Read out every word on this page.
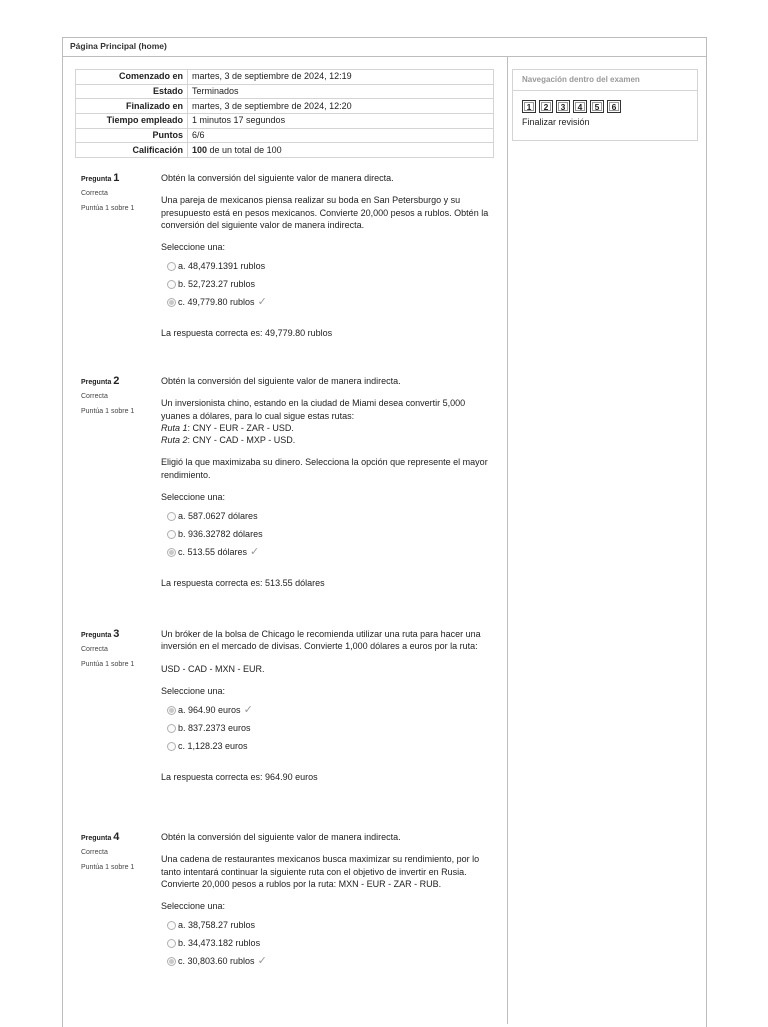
Página Principal (home)
Comenzado en	martes, 3 de septiembre de 2024, 12:19
Estado	Terminados
Finalizado en	martes, 3 de septiembre de 2024, 12:20
Tiempo empleado	1 minutos 17 segundos
Puntos	6/6
Calificación	100 de un total de 100
Navegación dentro del examen
1	2	3	4	5	6
Finalizar revisión
Pregunta 1
Correcta
Puntúa 1 sobre 1

Obtén la conversión del siguiente valor de manera directa.

Una pareja de mexicanos piensa realizar su boda en San Petersburgo y su presupuesto está en pesos mexicanos. Convierte 20,000 pesos a rublos. Obtén la conversión del siguiente valor de manera indirecta.

Seleccione una:
a. 48,479.1391 rublos
b. 52,723.27 rublos
c. 49,779.80 rublos ✓
La respuesta correcta es: 49,779.80 rublos
Pregunta 2
Correcta
Puntúa 1 sobre 1

Obtén la conversión del siguiente valor de manera indirecta.

Un inversionista chino, estando en la ciudad de Miami desea convertir 5,000 yuanes a dólares, para lo cual sigue estas rutas:
Ruta 1: CNY - EUR - ZAR - USD.
Ruta 2: CNY - CAD - MXP - USD.

Eligió la que maximizaba su dinero. Selecciona la opción que represente el mayor rendimiento.

Seleccione una:
a. 587.0627 dólares
b. 936.32782 dólares
c. 513.55 dólares ✓
La respuesta correcta es: 513.55 dólares
Pregunta 3
Correcta
Puntúa 1 sobre 1

Un bróker de la bolsa de Chicago le recomienda utilizar una ruta para hacer una inversión en el mercado de divisas. Convierte 1,000 dólares a euros por la ruta:

USD - CAD - MXN - EUR.

Seleccione una:
a. 964.90 euros ✓
b. 837.2373 euros
c. 1,128.23 euros
La respuesta correcta es: 964.90 euros
Pregunta 4
Correcta
Puntúa 1 sobre 1

Obtén la conversión del siguiente valor de manera indirecta.

Una cadena de restaurantes mexicanos busca maximizar su rendimiento, por lo tanto intentará continuar la siguiente ruta con el objetivo de invertir en Rusia. Convierte 20,000 pesos a rublos por la ruta: MXN - EUR - ZAR - RUB.

Seleccione una:
a. 38,758.27 rublos
b. 34,473.182 rublos
c. 30,803.60 rublos ✓
